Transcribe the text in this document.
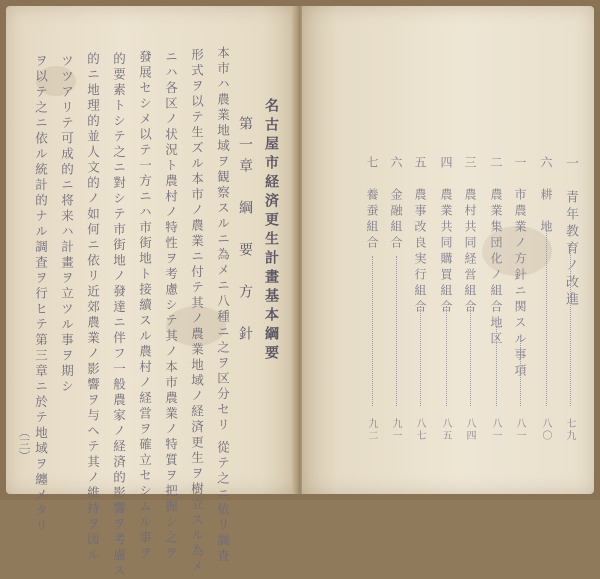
名古屋市経済更生計畫基本綱要
第一章　綱　要　方　針
本市ハ農業地域ヲ観察スルニ為メニ八種ニ之ヲ区分セリ 從テ之ニ依リ調査
形式ヲ以テ生ズル本市ノ農業ニ付テ其ノ農業地域ノ経済更生ヲ樹立スル為メ
ニハ各区ノ状況ト農村ノ特性ヲ考慮シテ其ノ本市農業ノ特質ヲ把握シ之ヲ
發展セシメ以テ一方ニハ市街地ト接續スル農村ノ経営ヲ確立セシムル事ヲ
的要素トシテ之ニ對シテ市街地ノ發達ニ伴フ一般農家ノ経済的影響ヲ考慮ス
的ニ地理的並人文的ノ如何ニ依リ近郊農業ノ影響ヲ与ヘテ其ノ維持ヲ図ル
ツツアリテ可成的ニ将来ハ計畫ヲ立ツル事ヲ期シ
ヲ以テ之ニ依ル統計的ナル調査ヲ行ヒテ第三章ニ於テ地域ヲ纏メタリ
（三）
一　青年教育ノ改進
七九
六　耕　地
八〇
一　市農業ノ方針ニ関スル事項
八一
二　農業集団化ノ組合地区
八一
三　農村共同経営組合
八四
四　農業共同購買組合
八五
五　農事改良実行組合
八七
六　金融組合
九一
七　養蚕組合
九二
